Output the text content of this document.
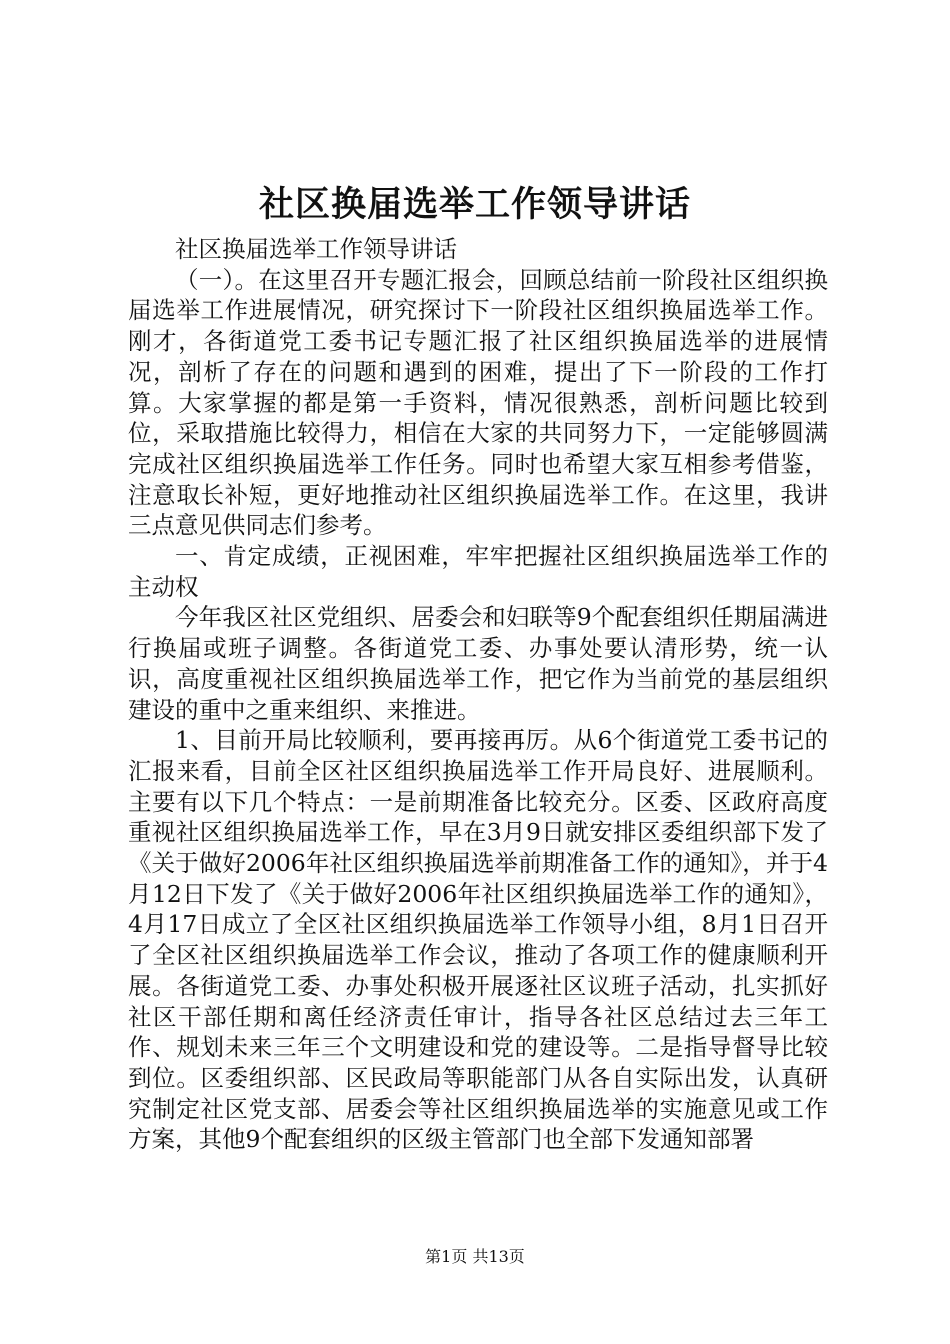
社区换届选举工作领导讲话

社区换届选举工作领导讲话

（一）。在这里召开专题汇报会，回顾总结前一阶段社区组织换届选举工作进展情况，研究探讨下一阶段社区组织换届选举工作。刚才，各街道党工委书记专题汇报了社区组织换届选举的进展情况，剖析了存在的问题和遇到的困难，提出了下一阶段的工作打算。大家掌握的都是第一手资料，情况很熟悉，剖析问题比较到位，采取措施比较得力，相信在大家的共同努力下，一定能够圆满完成社区组织换届选举工作任务。同时也希望大家互相参考借鉴，注意取长补短，更好地推动社区组织换届选举工作。在这里，我讲三点意见供同志们参考。

一、肯定成绩，正视困难，牢牢把握社区组织换届选举工作的主动权

今年我区社区党组织、居委会和妇联等9个配套组织任期届满进行换届或班子调整。各街道党工委、办事处要认清形势，统一认识，高度重视社区组织换届选举工作，把它作为当前党的基层组织建设的重中之重来组织、来推进。

1、目前开局比较顺利，要再接再厉。从6个街道党工委书记的汇报来看，目前全区社区组织换届选举工作开局良好、进展顺利。主要有以下几个特点：一是前期准备比较充分。区委、区政府高度重视社区组织换届选举工作，早在3月9日就安排区委组织部下发了《关于做好2006年社区组织换届选举前期准备工作的通知》，并于4月12日下发了《关于做好2006年社区组织换届选举工作的通知》，4月17日成立了全区社区组织换届选举工作领导小组，8月1日召开了全区社区组织换届选举工作会议，推动了各项工作的健康顺利开展。各街道党工委、办事处积极开展逐社区议班子活动，扎实抓好社区干部任期和离任经济责任审计，指导各社区总结过去三年工作、规划未来三年三个文明建设和党的建设等。二是指导督导比较到位。区委组织部、区民政局等职能部门从各自实际出发，认真研究制定社区党支部、居委会等社区组织换届选举的实施意见或工作方案，其他9个配套组织的区级主管部门也全部下发通知部署

第1页 共13页
